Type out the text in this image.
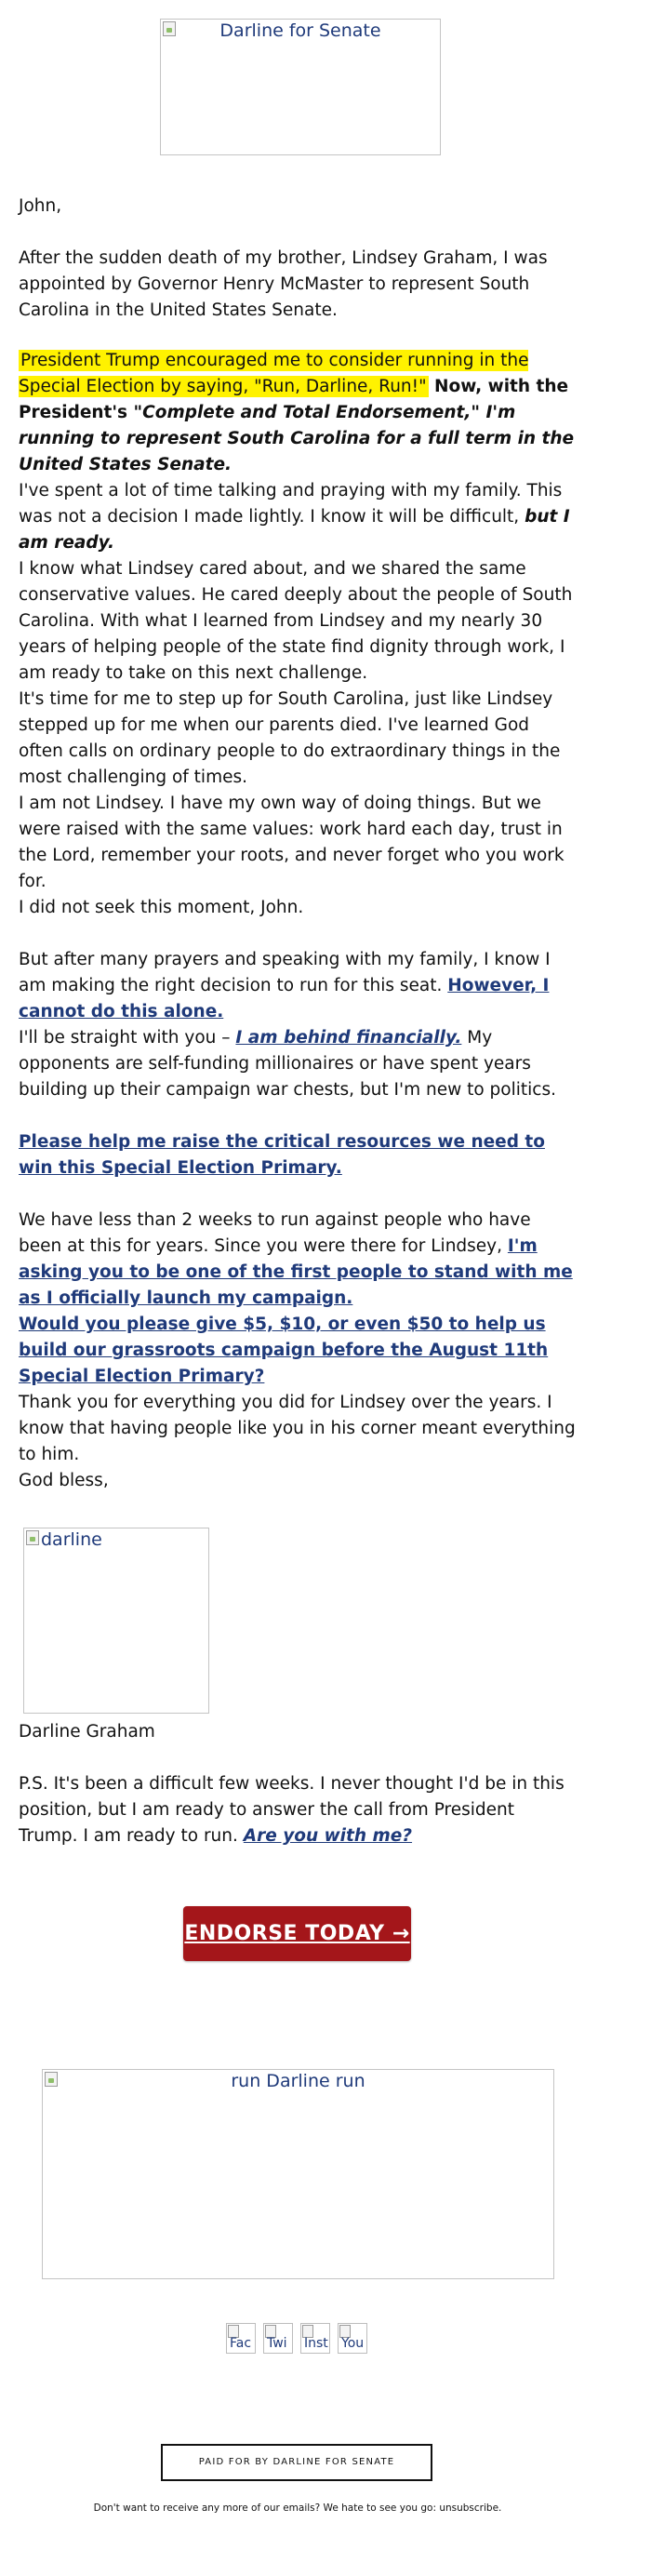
Darline for Senate

John,

After the sudden death of my brother, Lindsey Graham, I was appointed by Governor Henry McMaster to represent South Carolina in the United States Senate.

President Trump encouraged me to consider running in the Special Election by saying, "Run, Darline, Run!" Now, with the President's "Complete and Total Endorsement," I'm running to represent South Carolina for a full term in the United States Senate.

I've spent a lot of time talking and praying with my family. This was not a decision I made lightly. I know it will be difficult, but I am ready.

I know what Lindsey cared about, and we shared the same conservative values. He cared deeply about the people of South Carolina. With what I learned from Lindsey and my nearly 30 years of helping people of the state find dignity through work, I am ready to take on this next challenge.

It's time for me to step up for South Carolina, just like Lindsey stepped up for me when our parents died. I've learned God often calls on ordinary people to do extraordinary things in the most challenging of times.

I am not Lindsey. I have my own way of doing things. But we were raised with the same values: work hard each day, trust in the Lord, remember your roots, and never forget who you work for.

I did not seek this moment, John.

But after many prayers and speaking with my family, I know I am making the right decision to run for this seat. However, I cannot do this alone.

I'll be straight with you – I am behind financially. My opponents are self-funding millionaires or have spent years building up their campaign war chests, but I'm new to politics.

Please help me raise the critical resources we need to win this Special Election Primary.

We have less than 2 weeks to run against people who have been at this for years. Since you were there for Lindsey, I'm asking you to be one of the first people to stand with me as I officially launch my campaign.

Would you please give $5, $10, or even $50 to help us build our grassroots campaign before the August 11th Special Election Primary?

Thank you for everything you did for Lindsey over the years. I know that having people like you in his corner meant everything to him.

God bless,

darline

Darline Graham

P.S. It's been a difficult few weeks. I never thought I'd be in this position, but I am ready to answer the call from President Trump. I am ready to run. Are you with me?

ENDORSE TODAY →
run Darline run
Fac Twi Inst You
PAID FOR BY DARLINE FOR SENATE
Don't want to receive any more of our emails? We hate to see you go: unsubscribe.
